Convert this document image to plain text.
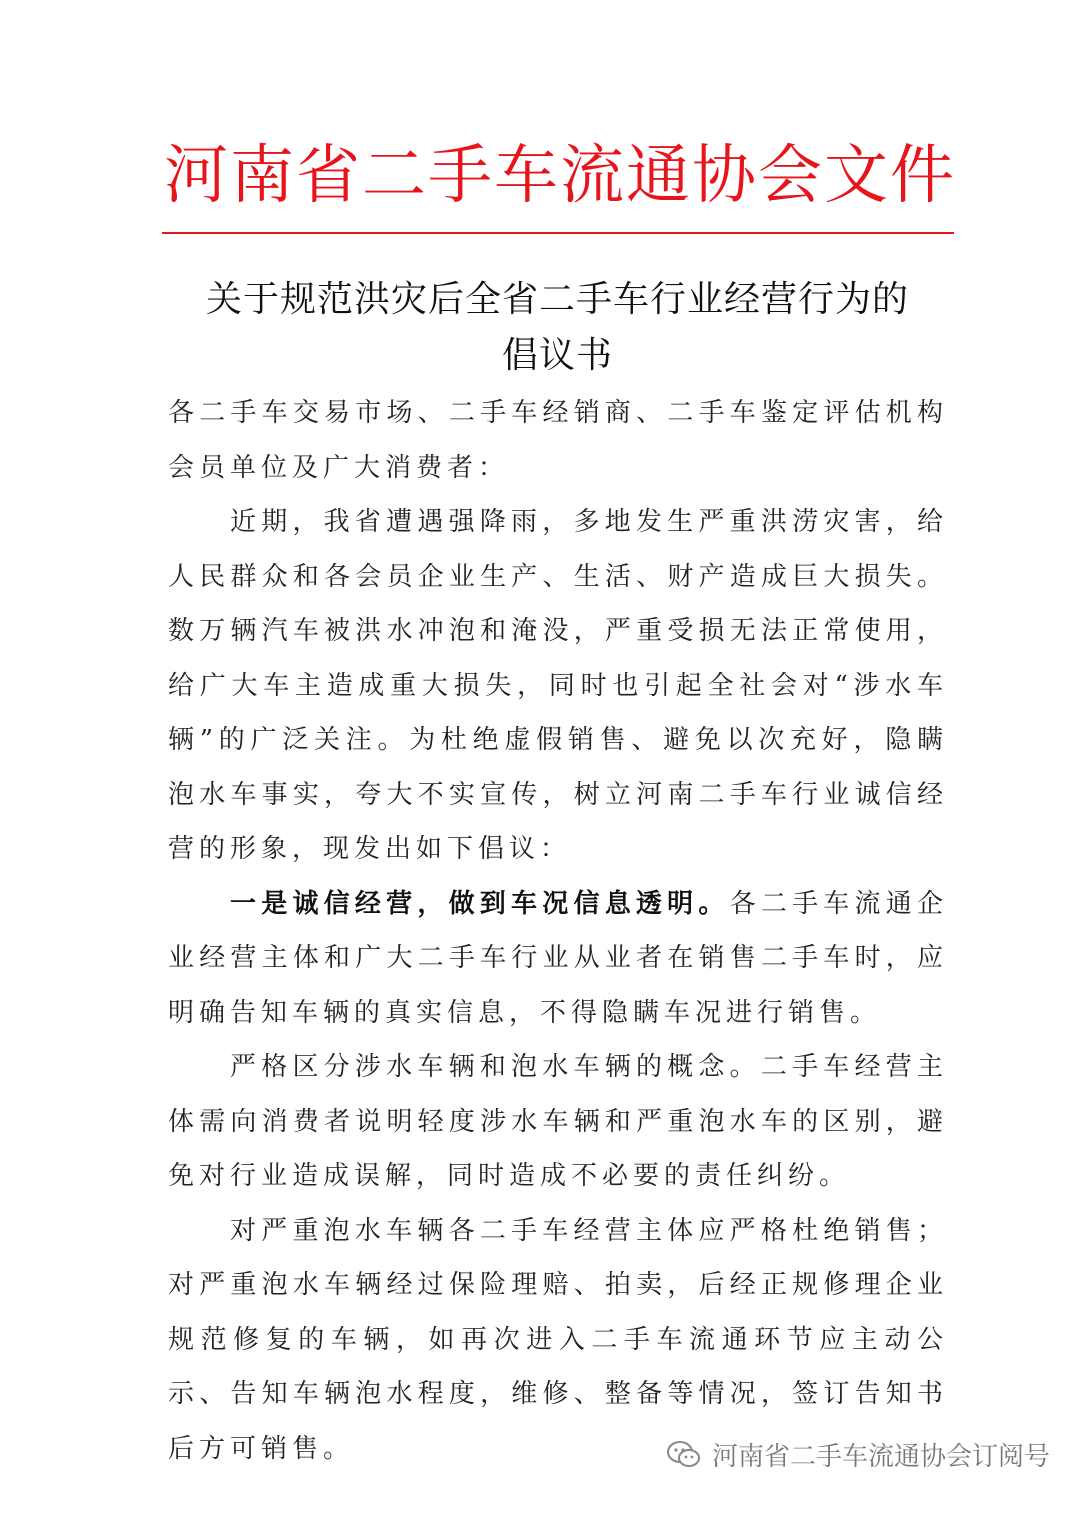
河南省二手车流通协会文件
关于规范洪灾后全省二手车行业经营行为的
倡议书

各二手车交易市场、二手车经销商、二手车鉴定评估机构会员单位及广大消费者：

近期，我省遭遇强降雨，多地发生严重洪涝灾害，给人民群众和各会员企业生产、生活、财产造成巨大损失。数万辆汽车被洪水冲泡和淹没，严重受损无法正常使用，给广大车主造成重大损失，同时也引起全社会对“涉水车辆”的广泛关注。为杜绝虚假销售、避免以次充好，隐瞒泡水车事实，夸大不实宣传，树立河南二手车行业诚信经营的形象，现发出如下倡议：

一是诚信经营，做到车况信息透明。各二手车流通企业经营主体和广大二手车行业从业者在销售二手车时，应明确告知车辆的真实信息，不得隐瞒车况进行销售。

严格区分涉水车辆和泡水车辆的概念。二手车经营主体需向消费者说明轻度涉水车辆和严重泡水车的区别，避免对行业造成误解，同时造成不必要的责任纠纷。

对严重泡水车辆各二手车经营主体应严格杜绝销售；对严重泡水车辆经过保险理赔、拍卖，后经正规修理企业规范修复的车辆，如再次进入二手车流通环节应主动公示、告知车辆泡水程度，维修、整备等情况，签订告知书后方可销售。	河南省二手车流通协会订阅号
